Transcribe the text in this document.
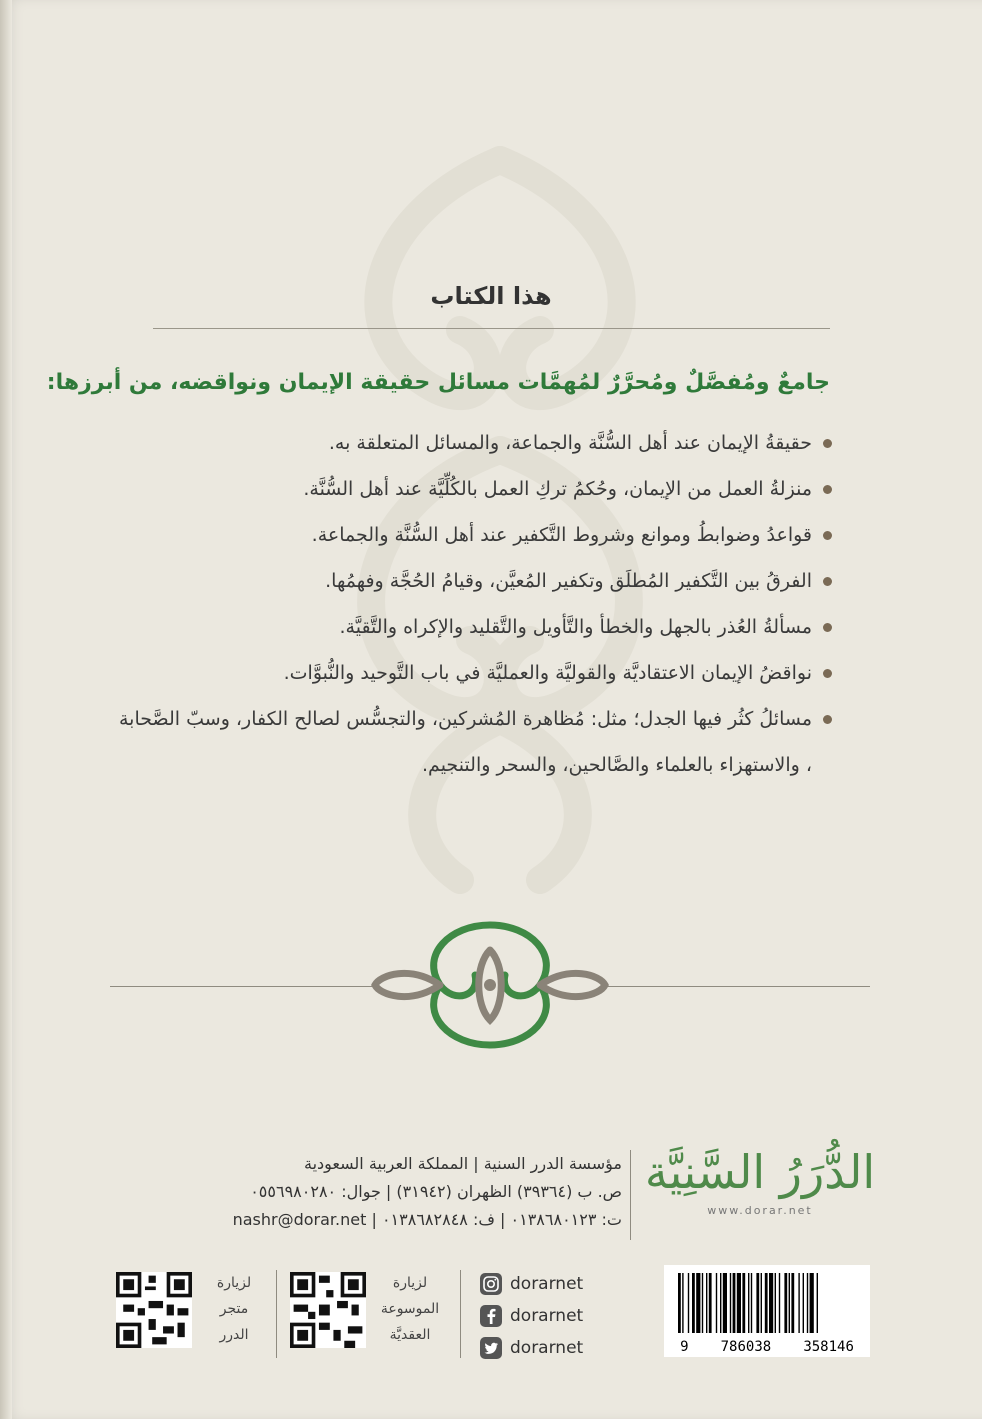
هذا الكتاب
جامعٌ ومُفصَّلٌ ومُحرَّرٌ لمُهمَّات مسائل حقيقة الإيمان ونواقضه، من أبرزها:
حقيقةُ الإيمان عند أهل السُّنَّة والجماعة، والمسائل المتعلقة به.
منزلةُ العمل من الإيمان، وحُكمُ تركِ العمل بالكُلِّيَّة عند أهل السُّنَّة.
قواعدُ وضوابطُ وموانع وشروط التَّكفير عند أهل السُّنَّة والجماعة.
الفرقُ بين التَّكفير المُطلَق وتكفير المُعيَّن، وقيامُ الحُجَّة وفهمُها.
مسألةُ العُذر بالجهل والخطأ والتَّأويل والتَّقليد والإكراه والتَّقيَّة.
نواقضُ الإيمان الاعتقاديَّة والقوليَّة والعمليَّة في باب التَّوحيد والنُّبوَّات.
مسائلُ كثُر فيها الجدل؛ مثل: مُظاهرة المُشركين، والتجسُّس لصالح الكفار، وسبّ الصَّحابة ، والاستهزاء بالعلماء والصَّالحين، والسحر والتنجيم.
مؤسسة الدرر السنية | المملكة العربية السعودية
ص. ب (٣٩٣٦٤) الظهران (٣١٩٤٢) | جوال: ٠٥٥٦٩٨٠٢٨٠
ت: ٠١٣٨٦٨٠١٢٣ | ف: ٠١٣٨٦٨٢٨٤٨ | nashr@dorar.net
الدُّرَرُ السَّنِيَّة
www.dorar.net
لزيارة
متجر
الدرر
لزيارة
الموسوعة
العقديَّة
dorarnet
dorarnet
dorarnet	9 786038 358146
